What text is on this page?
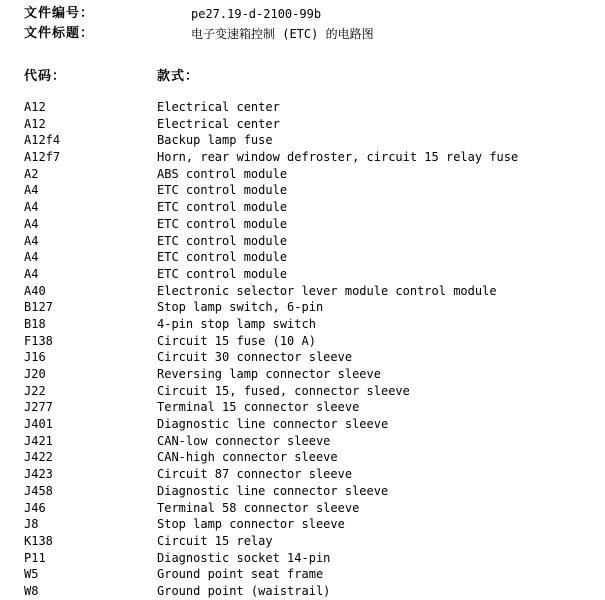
文件编号：	pe27.19-d-2100-99b
文件标题：	电子变速箱控制 (ETC) 的电路图
代码：	款式：
A12	Electrical center
A12	Electrical center
A12f4	Backup lamp fuse
A12f7	Horn, rear window defroster, circuit 15 relay fuse
A2	ABS control module
A4	ETC control module
A4	ETC control module
A4	ETC control module
A4	ETC control module
A4	ETC control module
A4	ETC control module
A40	Electronic selector lever module control module
B127	Stop lamp switch, 6-pin
B18	4-pin stop lamp switch
F138	Circuit 15 fuse (10 A)
J16	Circuit 30 connector sleeve
J20	Reversing lamp connector sleeve
J22	Circuit 15, fused, connector sleeve
J277	Terminal 15 connector sleeve
J401	Diagnostic line connector sleeve
J421	CAN-low connector sleeve
J422	CAN-high connector sleeve
J423	Circuit 87 connector sleeve
J458	Diagnostic line connector sleeve
J46	Terminal 58 connector sleeve
J8	Stop lamp connector sleeve
K138	Circuit 15 relay
P11	Diagnostic socket 14-pin
W5	Ground point seat frame
W8	Ground point (waistrail)
